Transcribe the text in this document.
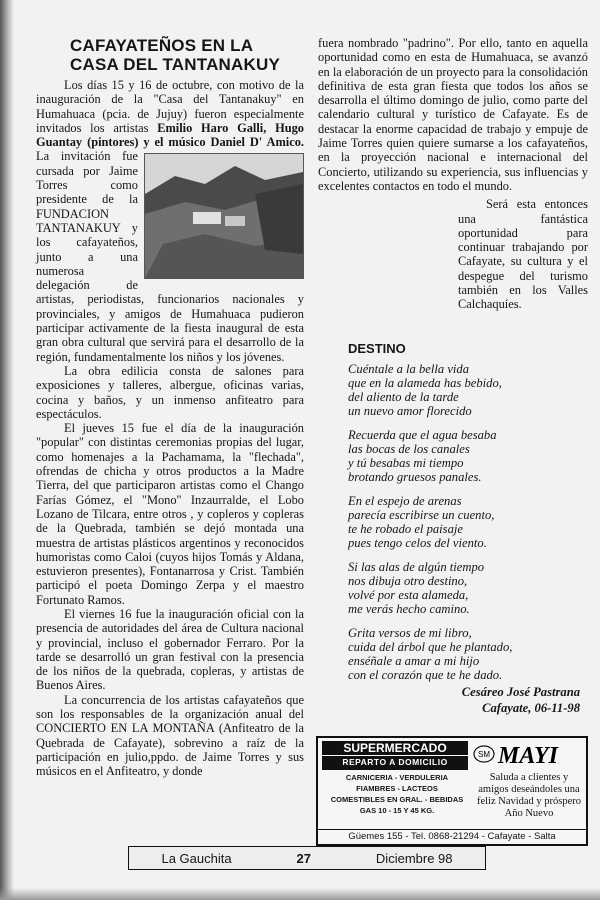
CAFAYATEÑOS EN LA
CASA DEL TANTANAKUY

Los días 15 y 16 de octubre, con motivo de la inauguración de la "Casa del Tantanakuy" en Humahuaca (pcia. de Jujuy) fueron especialmente invitados los artistas Emilio Haro Galli, Hugo Guantay (pintores) y el músico Daniel D' Amico.
La invitación fue cursada por Jaime Torres como presidente de la FUNDACION TANTANAKUY y los cafayateños, junto a una numerosa delegación de artistas, periodistas, funcionarios nacionales y provinciales, y amigos de Humahuaca pudieron participar activamente de la fiesta inaugural de esta gran obra cultural que servirá para el desarrollo de la región, fundamentalmente los niños y los jóvenes.

La obra edilicia consta de salones para exposiciones y talleres, albergue, oficinas varias, cocina y baños, y un inmenso anfiteatro para espectáculos.

El jueves 15 fue el día de la inauguración "popular" con distintas ceremonias propias del lugar, como homenajes a la Pachamama, la "flechada", ofrendas de chicha y otros productos a la Madre Tierra, del que participaron artistas como el Chango Farías Gómez, el "Mono" Inzaurralde, el Lobo Lozano de Tilcara, entre otros , y copleros y copleras de la Quebrada, también se dejó montada una muestra de artistas plásticos argentinos y reconocidos humoristas como Caloi (cuyos hijos Tomás y Aldana, estuvieron presentes), Fontanarrosa y Crist. También participó el poeta Domingo Zerpa y el maestro Fortunato Ramos.

El viernes 16 fue la inauguración oficial con la presencia de autoridades del área de Cultura nacional y provincial, incluso el gobernador Ferraro. Por la tarde se desarrolló un gran festival con la presencia de los niños de la quebrada, copleras, y artistas de Buenos Aires.

La concurrencia de los artistas cafayateños que son los responsables de la organización anual del CONCIERTO EN LA MONTAÑA (Anfiteatro de la Quebrada de Cafayate), sobrevino a raíz de la participación en julio,ppdo. de Jaime Torres y sus músicos en el Anfiteatro, y donde

fuera nombrado "padrino". Por ello, tanto en aquella oportunidad como en esta de Humahuaca, se avanzó en la elaboración de un proyecto para la consolidación definitiva de esta gran fiesta que todos los años se desarrolla el último domingo de julio, como parte del calendario cultural y turístico de Cafayate. Es de destacar la enorme capacidad de trabajo y empuje de Jaime Torres quien quiere sumarse a los cafayateños, en la proyección nacional e internacional del Concierto, utilizando su experiencia, sus influencias y excelentes contactos en todo el mundo.

Será esta entonces una fantástica oportunidad para continuar trabajando por Cafayate, su cultura y el despegue del turismo también en los Valles Calchaquíes.

DESTINO
Cuéntale a la bella vida
que en la alameda has bebido,
del aliento de la tarde
un nuevo amor florecido
Recuerda que el agua besaba
las bocas de los canales
y tú besabas mi tiempo
brotando gruesos panales.
En el espejo de arenas
parecía escribirse un cuento,
te he robado el paisaje
pues tengo celos del viento.
Si las alas de algún tiempo
nos dibuja otro destino,
volvé por esta alameda,
me verás hecho camino.
Grita versos de mi libro,
cuida del árbol que he plantado,
enséñale a amar a mi hijo
con el corazón que te he dado.
Cesáreo José Pastrana
Cafayate, 06-11-98
SUPERMERCADO
REPARTO A DOMICILIO
SM MAYI
CARNICERIA - VERDULERIA
FIAMBRES - LACTEOS
COMESTIBLES EN GRAL. - BEBIDAS
GAS 10 - 15 Y 45 KG.
Saluda a clientes y amigos deseándoles una feliz Navidad y próspero Año Nuevo
Güemes 155 - Tel. 0868-21294 - Cafayate - Salta
La Gauchita	27	Diciembre 98
